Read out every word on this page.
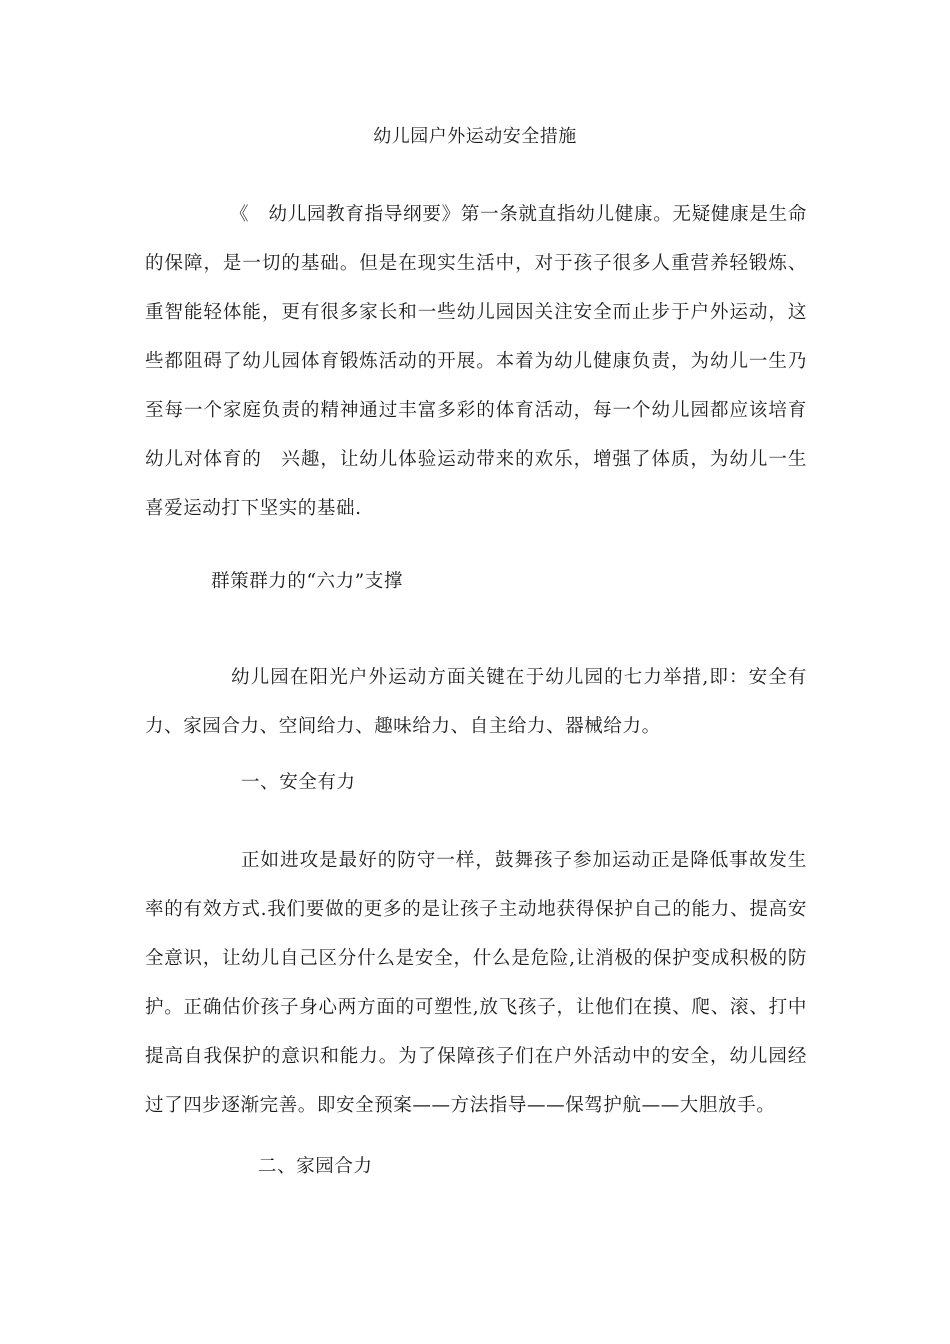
幼儿园户外运动安全措施

《　幼儿园教育指导纲要》第一条就直指幼儿健康。无疑健康是生命的保障，是一切的基础。但是在现实生活中，对于孩子很多人重营养轻锻炼、重智能轻体能，更有很多家长和一些幼儿园因关注安全而止步于户外运动，这些都阻碍了幼儿园体育锻炼活动的开展。本着为幼儿健康负责，为幼儿一生乃至每一个家庭负责的精神通过丰富多彩的体育活动，每一个幼儿园都应该培育幼儿对体育的　兴趣，让幼儿体验运动带来的欢乐，增强了体质，为幼儿一生喜爱运动打下坚实的基础.

群策群力的“六力”支撑

幼儿园在阳光户外运动方面关键在于幼儿园的七力举措,即：安全有力、家园合力、空间给力、趣味给力、自主给力、器械给力。

一、安全有力

正如进攻是最好的防守一样，鼓舞孩子参加运动正是降低事故发生率的有效方式.我们要做的更多的是让孩子主动地获得保护自己的能力、提高安全意识，让幼儿自己区分什么是安全，什么是危险,让消极的保护变成积极的防护。正确估价孩子身心两方面的可塑性,放飞孩子，让他们在摸、爬、滚、打中提高自我保护的意识和能力。为了保障孩子们在户外活动中的安全，幼儿园经过了四步逐渐完善。即安全预案——方法指导——保驾护航——大胆放手。

二、家园合力
